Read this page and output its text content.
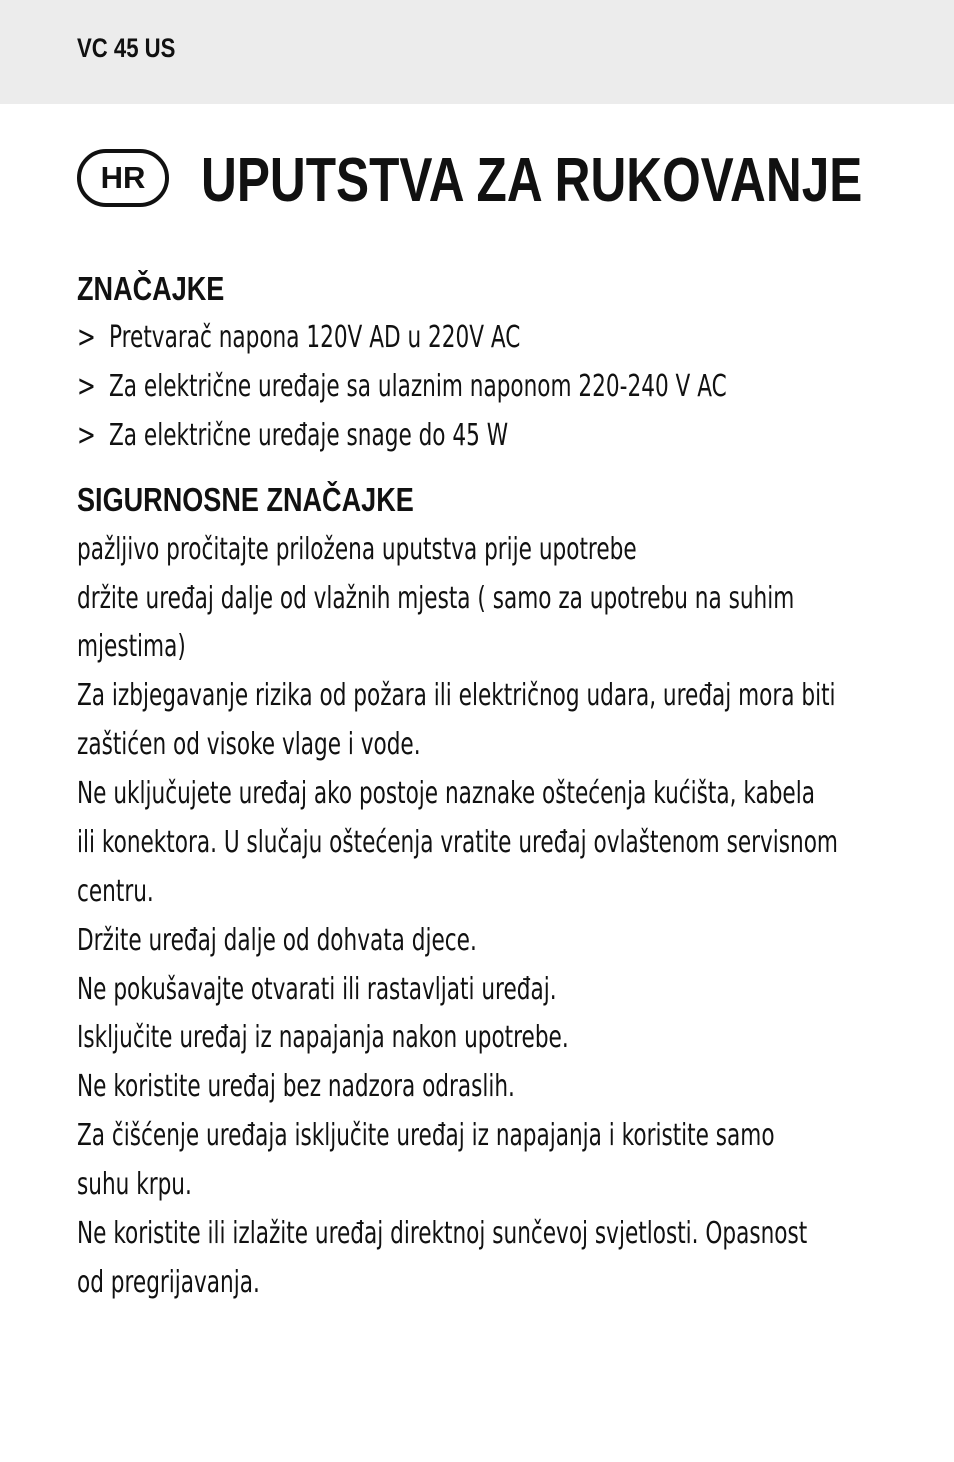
VC 45 US
HR UPUTSTVA ZA RUKOVANJE
ZNAČAJKE
> Pretvarač napona 120V AD u 220V AC
> Za električne uređaje sa ulaznim naponom 220-240 V AC
> Za električne uređaje snage do 45 W
SIGURNOSNE ZNAČAJKE
pažljivo pročitajte priložena uputstva prije upotrebe
držite uređaj dalje od vlažnih mjesta ( samo za upotrebu na suhim
mjestima)
Za izbjegavanje rizika od požara ili električnog udara, uređaj mora biti
zaštićen od visoke vlage i vode.
Ne uključujete uređaj ako postoje naznake oštećenja kućišta, kabela
ili konektora. U slučaju oštećenja vratite uređaj ovlaštenom servisnom
centru.
Držite uređaj dalje od dohvata djece.
Ne pokušavajte otvarati ili rastavljati uređaj.
Isključite uređaj iz napajanja nakon upotrebe.
Ne koristite uređaj bez nadzora odraslih.
Za čišćenje uređaja isključite uređaj iz napajanja i koristite samo
suhu krpu.
Ne koristite ili izlažite uređaj direktnoj sunčevoj svjetlosti. Opasnost
od pregrijavanja.
